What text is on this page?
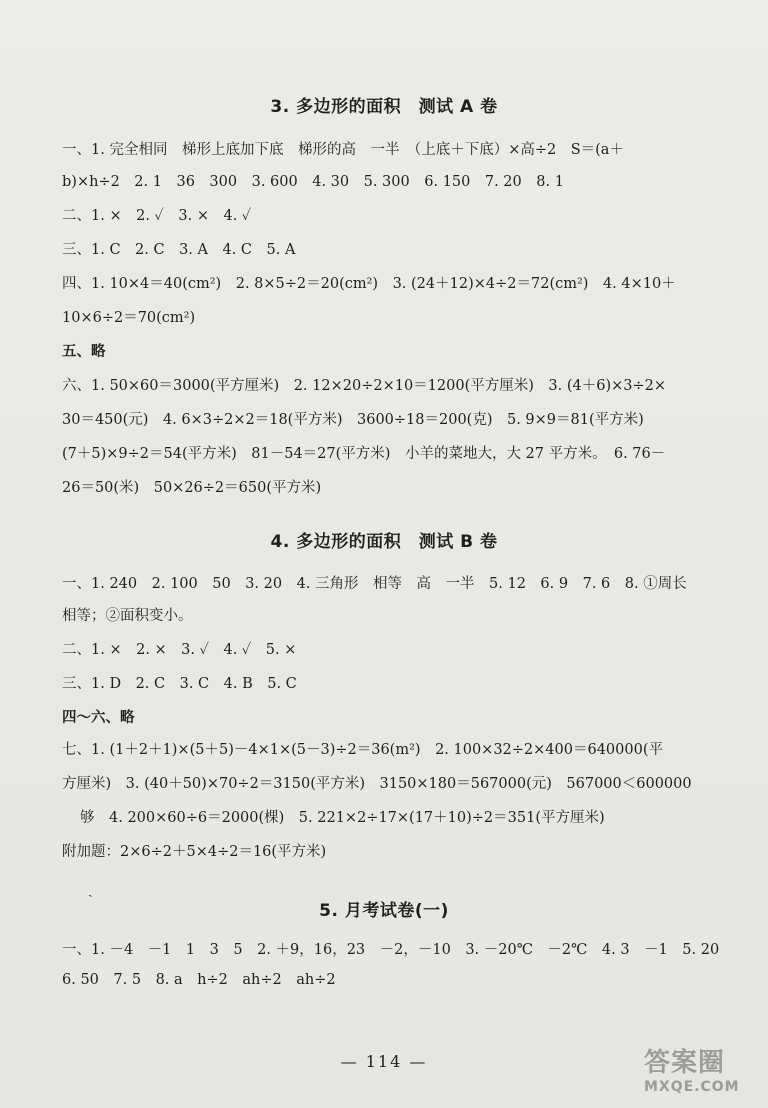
3. 多边形的面积　测试 A 卷
一、1. 完全相同　梯形上底加下底　梯形的高　一半　（上底＋下底）×高÷2　S＝(a＋
b)×h÷2　2. 1　36　300　3. 600　4. 30　5. 300　6. 150　7. 20　8. 1
二、1. ×　2. ✓　3. ×　4. ✓
三、1. C　2. C　3. A　4. C　5. A
四、1. 10×4＝40(cm²)　2. 8×5÷2＝20(cm²)　3. (24＋12)×4÷2＝72(cm²)　4. 4×10＋
10×6÷2＝70(cm²)
五、略
六、1. 50×60＝3000(平方厘米)　2. 12×20÷2×10＝1200(平方厘米)　3. (4＋6)×3÷2×
30＝450(元)　4. 6×3÷2×2＝18(平方米)　3600÷18＝200(克)　5. 9×9＝81(平方米)
(7＋5)×9÷2＝54(平方米)　81－54＝27(平方米)　小羊的菜地大，大 27 平方米。　6. 76－
26＝50(米)　50×26÷2＝650(平方米)
4. 多边形的面积　测试 B 卷
一、1. 240　2. 100　50　3. 20　4. 三角形　相等　高　一半　5. 12　6. 9　7. 6　8. ①周长
相等；②面积变小。
二、1. ×　2. ×　3. ✓　4. ✓　5. ×
三、1. D　2. C　3. C　4. B　5. C
四～六、略
七、1. (1＋2＋1)×(5＋5)－4×1×(5－3)÷2＝36(m²)　2. 100×32÷2×400＝640000(平
方厘米)　3. (40＋50)×70÷2＝3150(平方米)　3150×180＝567000(元)　567000＜600000
够　4. 200×60÷6＝2000(棵)　5. 221×2÷17×(17＋10)÷2＝351(平方厘米)
附加题：2×6÷2＋5×4÷2＝16(平方米)
ˎ
5. 月考试卷(一)
一、1. －4　－1　1　3　5　2. ＋9，16，23　－2，－10　3. －20℃　－2℃　4. 3　－1　5. 20
6. 50　7. 5　8. a　h÷2　ah÷2　ah÷2
— 114 —	答案圈
MXQE.COM
